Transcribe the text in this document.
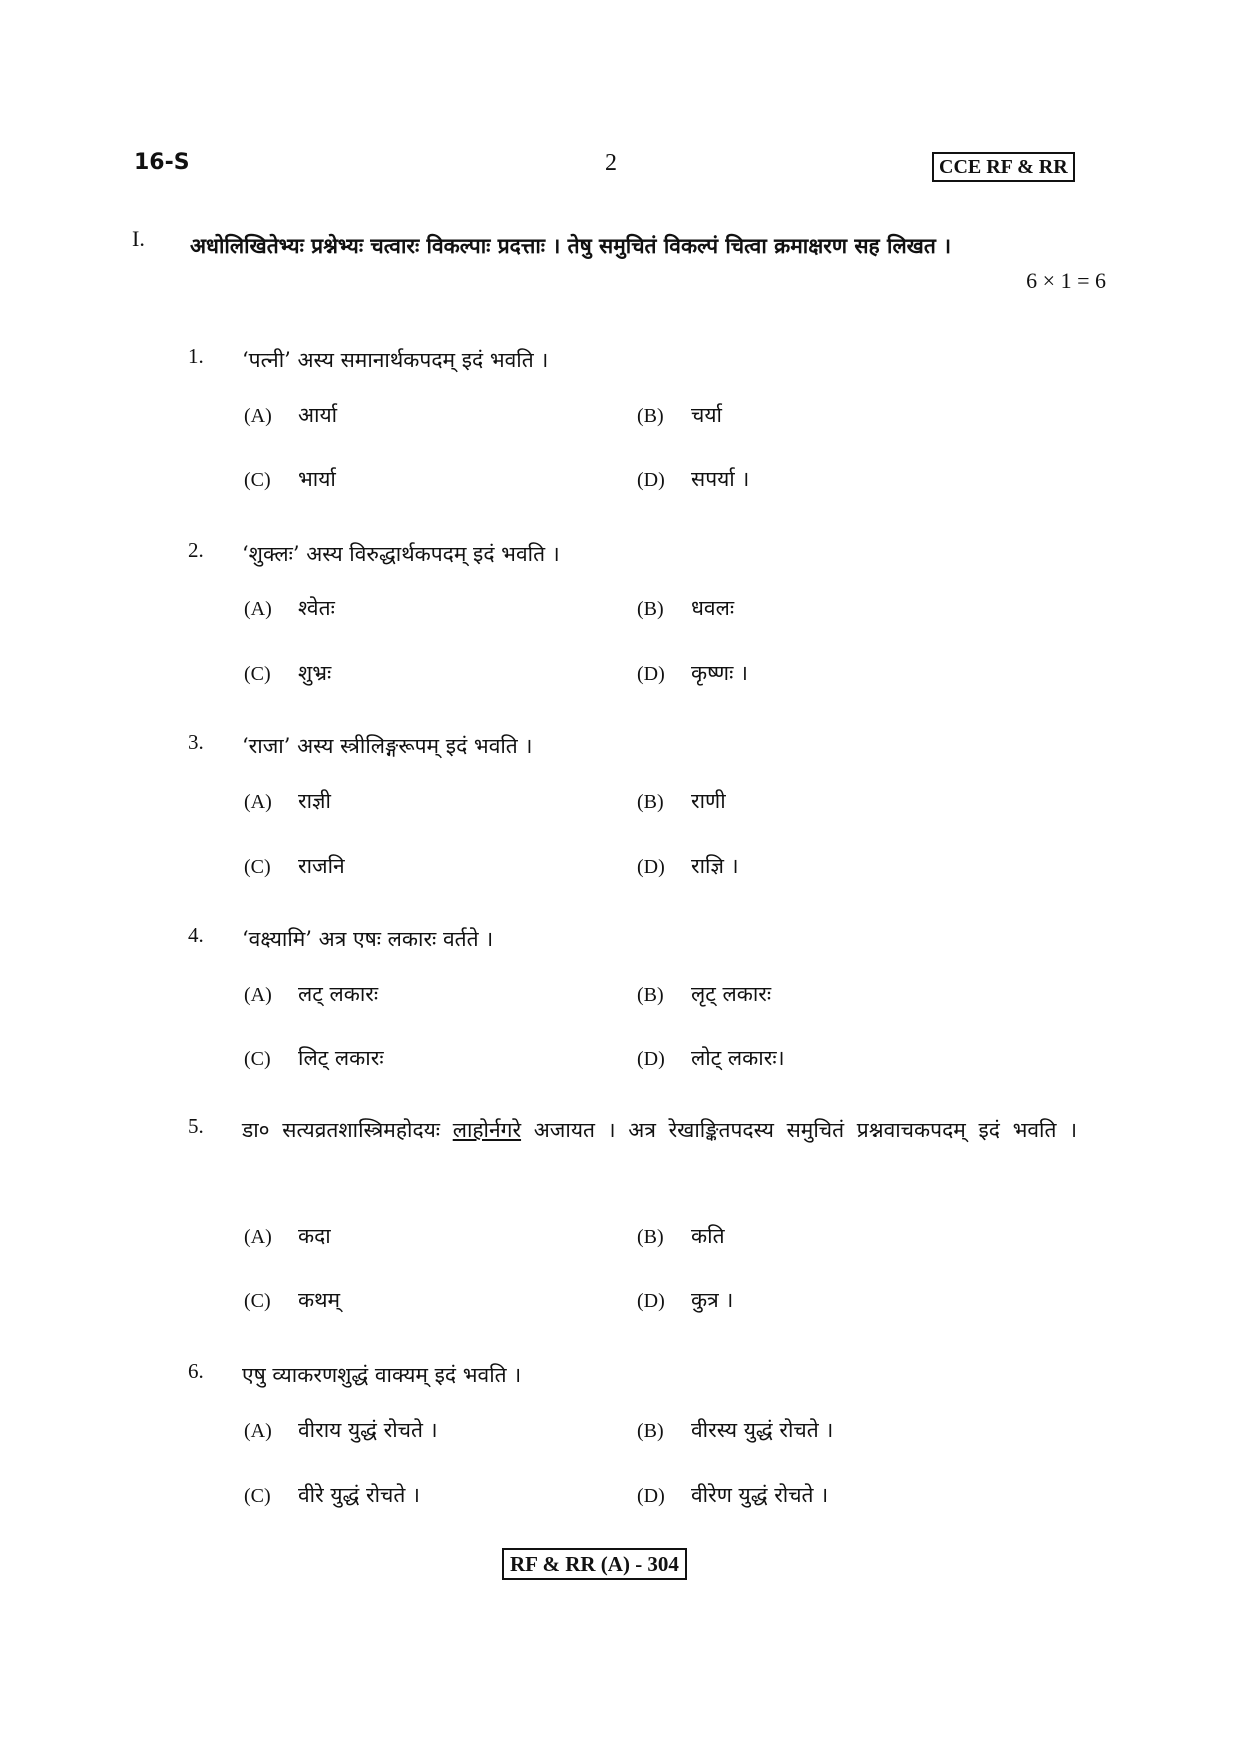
16-S	2	CCE RF & RR
I. अधोलिखितेभ्यः प्रश्नेभ्यः चत्वारः विकल्पाः प्रदत्ताः । तेषु समुचितं विकल्पं चित्वा क्रमाक्षरण सह लिखत ।
6 × 1 = 6
1. ‘पत्नी’ अस्य समानार्थकपदम् इदं भवति ।
(A) आर्या	(B) चर्या
(C) भार्या	(D) सपर्या ।
2. ‘शुक्लः’ अस्य विरुद्धार्थकपदम् इदं भवति ।
(A) श्वेतः	(B) धवलः
(C) शुभ्रः	(D) कृष्णः ।
3. ‘राजा’ अस्य स्त्रीलिङ्गरूपम् इदं भवति ।
(A) राज्ञी	(B) राणी
(C) राजनि	(D) राज्ञि ।
4. ‘वक्ष्यामि’ अत्र एषः लकारः वर्तते ।
(A) लट् लकारः	(B) लृट् लकारः
(C) लिट् लकारः	(D) लोट् लकारः।
5. डा० सत्यव्रतशास्त्रिमहोदयः लाहोर्नगरे अजायत । अत्र रेखाङ्कितपदस्य समुचितं प्रश्नवाचकपदम् इदं भवति ।
(A) कदा	(B) कति
(C) कथम्	(D) कुत्र ।
6. एषु व्याकरणशुद्धं वाक्यम् इदं भवति ।
(A) वीराय युद्धं रोचते ।	(B) वीरस्य युद्धं रोचते ।
(C) वीरे युद्धं रोचते ।	(D) वीरेण युद्धं रोचते ।
RF & RR (A) - 304
